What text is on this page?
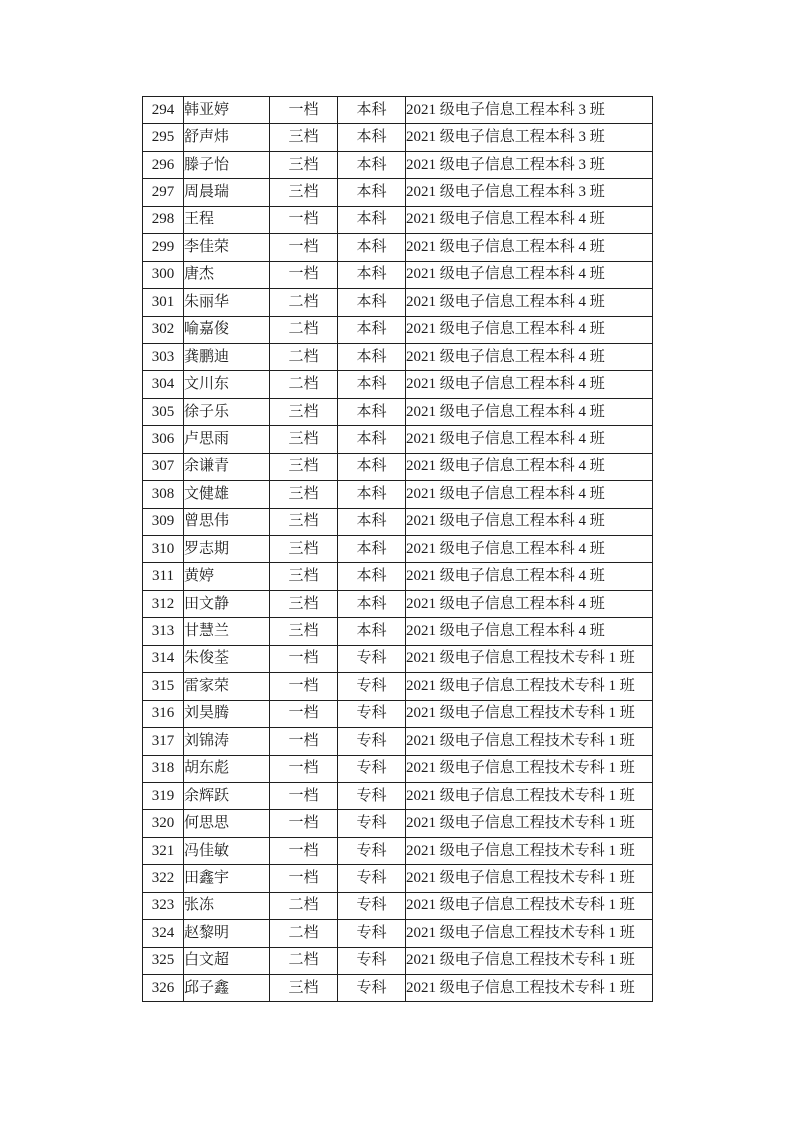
294	韩亚婷	一档	本科	2021 级电子信息工程本科 3 班
295	舒声炜	三档	本科	2021 级电子信息工程本科 3 班
296	滕子怡	三档	本科	2021 级电子信息工程本科 3 班
297	周晨瑞	三档	本科	2021 级电子信息工程本科 3 班
298	王程	一档	本科	2021 级电子信息工程本科 4 班
299	李佳荣	一档	本科	2021 级电子信息工程本科 4 班
300	唐杰	一档	本科	2021 级电子信息工程本科 4 班
301	朱丽华	二档	本科	2021 级电子信息工程本科 4 班
302	喻嘉俊	二档	本科	2021 级电子信息工程本科 4 班
303	龚鹏迪	二档	本科	2021 级电子信息工程本科 4 班
304	文川东	二档	本科	2021 级电子信息工程本科 4 班
305	徐子乐	三档	本科	2021 级电子信息工程本科 4 班
306	卢思雨	三档	本科	2021 级电子信息工程本科 4 班
307	余谦青	三档	本科	2021 级电子信息工程本科 4 班
308	文健雄	三档	本科	2021 级电子信息工程本科 4 班
309	曾思伟	三档	本科	2021 级电子信息工程本科 4 班
310	罗志期	三档	本科	2021 级电子信息工程本科 4 班
311	黄婷	三档	本科	2021 级电子信息工程本科 4 班
312	田文静	三档	本科	2021 级电子信息工程本科 4 班
313	甘慧兰	三档	本科	2021 级电子信息工程本科 4 班
314	朱俊荃	一档	专科	2021 级电子信息工程技术专科 1 班
315	雷家荣	一档	专科	2021 级电子信息工程技术专科 1 班
316	刘昊腾	一档	专科	2021 级电子信息工程技术专科 1 班
317	刘锦涛	一档	专科	2021 级电子信息工程技术专科 1 班
318	胡东彪	一档	专科	2021 级电子信息工程技术专科 1 班
319	余辉跃	一档	专科	2021 级电子信息工程技术专科 1 班
320	何思思	一档	专科	2021 级电子信息工程技术专科 1 班
321	冯佳敏	一档	专科	2021 级电子信息工程技术专科 1 班
322	田鑫宇	一档	专科	2021 级电子信息工程技术专科 1 班
323	张冻	二档	专科	2021 级电子信息工程技术专科 1 班
324	赵黎明	二档	专科	2021 级电子信息工程技术专科 1 班
325	白文超	二档	专科	2021 级电子信息工程技术专科 1 班
326	邱子鑫	三档	专科	2021 级电子信息工程技术专科 1 班
